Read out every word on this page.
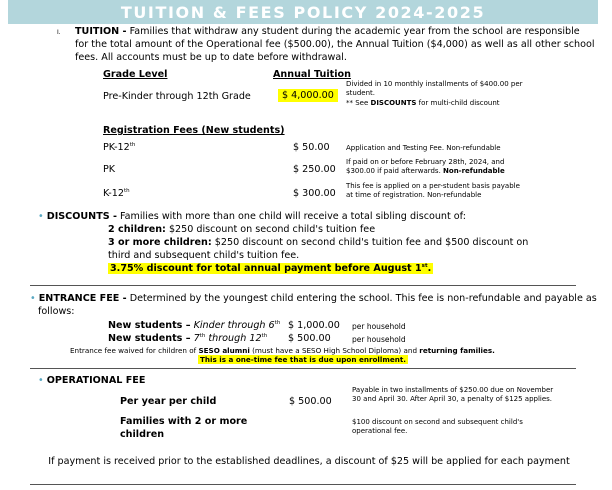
TUITION & FEES POLICY 2024-2025
I. TUITION - Families that withdraw any student during the academic year from the school are responsible for the total amount of the Operational fee ($500.00), the Annual Tuition ($4,000) as well as all other school fees. All accounts must be up to date before withdrawal.
Grade Level	Annual Tuition
Pre-Kinder through 12th Grade	$ 4,000.00
Divided in 10 monthly installments of $400.00 per student.
** See DISCOUNTS for multi-child discount
Registration Fees (New students)
PK-12th	$ 50.00 Application and Testing Fee. Non-refundable
PK	$ 250.00
If paid on or before February 28th, 2024, and
$300.00 if paid afterwards. Non-refundable
K-12th	$ 300.00
This fee is applied on a per-student basis payable
at time of registration. Non-refundable
• DISCOUNTS - Families with more than one child will receive a total sibling discount of:
2 children: $250 discount on second child's tuition fee
3 or more children: $250 discount on second child's tuition fee and $500 discount on
third and subsequent child's tuition fee.
3.75% discount for total annual payment before August 1st.
• ENTRANCE FEE - Determined by the youngest child entering the school. This fee is non-refundable and payable as
follows:
New students – Kinder through 6th $ 1,000.00 per household
New students – 7th through 12th $ 500.00	per household
Entrance fee waived for children of SESO alumni (must have a SESO High School Diploma) and returning families.
This is a one-time fee that is due upon enrollment.
• OPERATIONAL FEE
Per year per child	$ 500.00
Payable in two installments of $250.00 due on November 30 and April 30. After April 30, a penalty of $125 applies.
Families with 2 or more children
$100 discount on second and subsequent child's operational fee.
If payment is received prior to the established deadlines, a discount of $25 will be applied for each payment
